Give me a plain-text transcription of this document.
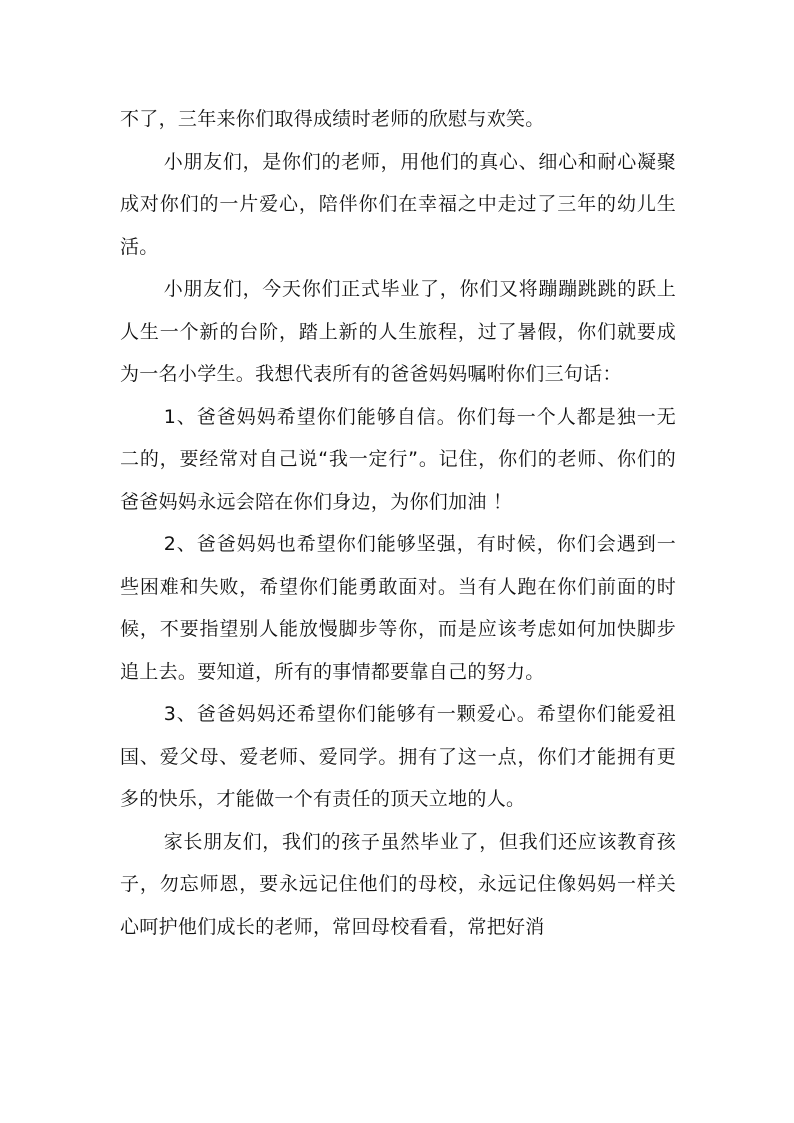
不了，三年来你们取得成绩时老师的欣慰与欢笑。

小朋友们，是你们的老师，用他们的真心、细心和耐心凝聚成对你们的一片爱心，陪伴你们在幸福之中走过了三年的幼儿生活。

小朋友们，今天你们正式毕业了，你们又将蹦蹦跳跳的跃上人生一个新的台阶，踏上新的人生旅程，过了暑假，你们就要成为一名小学生。我想代表所有的爸爸妈妈嘱咐你们三句话：

1、爸爸妈妈希望你们能够自信。你们每一个人都是独一无二的，要经常对自己说“我一定行”。记住，你们的老师、你们的爸爸妈妈永远会陪在你们身边，为你们加油 ！

2、爸爸妈妈也希望你们能够坚强，有时候，你们会遇到一些困难和失败，希望你们能勇敢面对。当有人跑在你们前面的时候，不要指望别人能放慢脚步等你，而是应该考虑如何加快脚步追上去。要知道，所有的事情都要靠自己的努力。

3、爸爸妈妈还希望你们能够有一颗爱心。希望你们能爱祖国、爱父母、爱老师、爱同学。拥有了这一点，你们才能拥有更多的快乐，才能做一个有责任的顶天立地的人。

家长朋友们，我们的孩子虽然毕业了，但我们还应该教育孩子，勿忘师恩，要永远记住他们的母校，永远记住像妈妈一样关心呵护他们成长的老师，常回母校看看，常把好消
